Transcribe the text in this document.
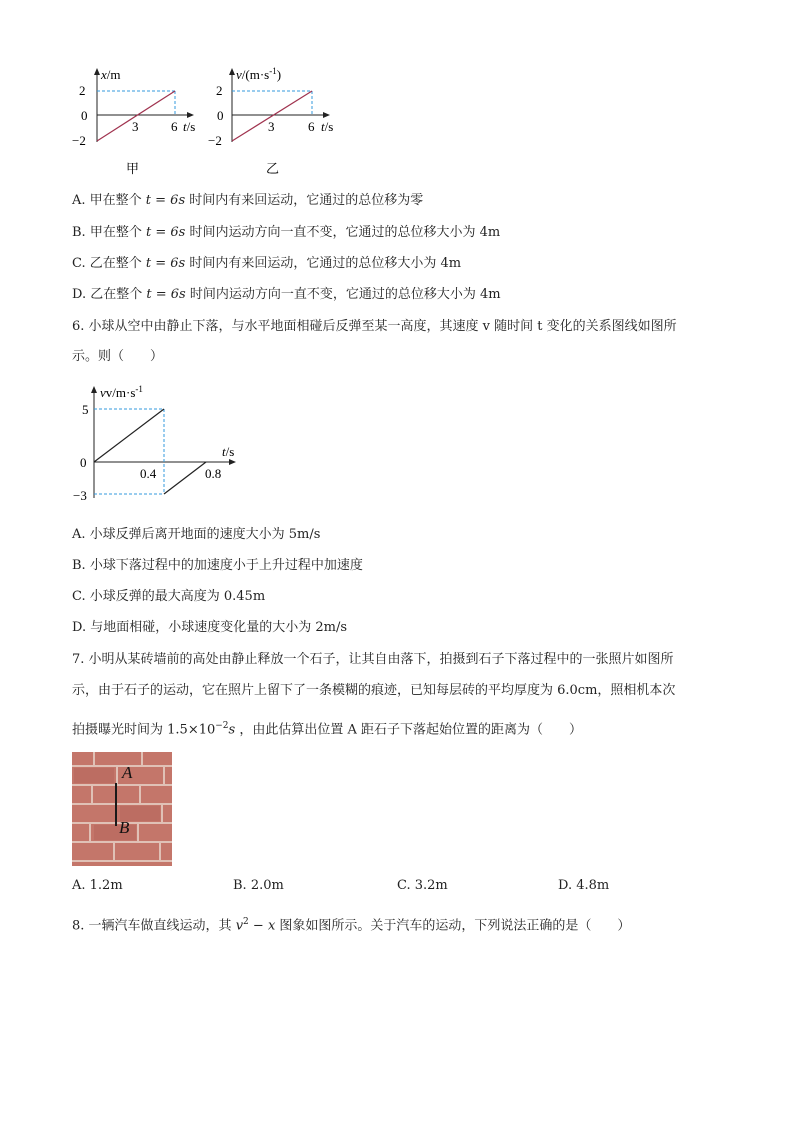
x/m
2
0
−2
3	6 t/s
甲
$v/(m\cdot s^{-1})$
2
0
−2
3	6 t/s
乙
A. 甲在整个 t = 6s 时间内有来回运动，它通过的总位移为零
B. 甲在整个 t = 6s 时间内运动方向一直不变，它通过的总位移大小为 4m
C. 乙在整个 t = 6s 时间内有来回运动，它通过的总位移大小为 4m
D. 乙在整个 t = 6s 时间内运动方向一直不变，它通过的总位移大小为 4m
6. 小球从空中由静止下落，与水平地面相碰后反弹至某一高度，其速度 v 随时间 t 变化的关系图线如图所
示。则（　　）
$vv/m\cdot s^{-1}$
5
0
−3
0.4	0.8
t/s
A. 小球反弹后离开地面的速度大小为 5m/s
B. 小球下落过程中的加速度小于上升过程中加速度
C. 小球反弹的最大高度为 0.45m
D. 与地面相碰，小球速度变化量的大小为 2m/s
7. 小明从某砖墙前的高处由静止释放一个石子，让其自由落下，拍摄到石子下落过程中的一张照片如图所
示，由于石子的运动，它在照片上留下了一条模糊的痕迹，已知每层砖的平均厚度为 6.0cm，照相机本次
拍摄曝光时间为 $1.5\times 10^{-2}s$ ，由此估算出位置 A 距石子下落起始位置的距离为（　　）
A
B
A. 1.2m	B. 2.0m	C. 3.2m	D. 4.8m
8. 一辆汽车做直线运动，其 $v^2 - x$ 图象如图所示。关于汽车的运动，下列说法正确的是（　　）
